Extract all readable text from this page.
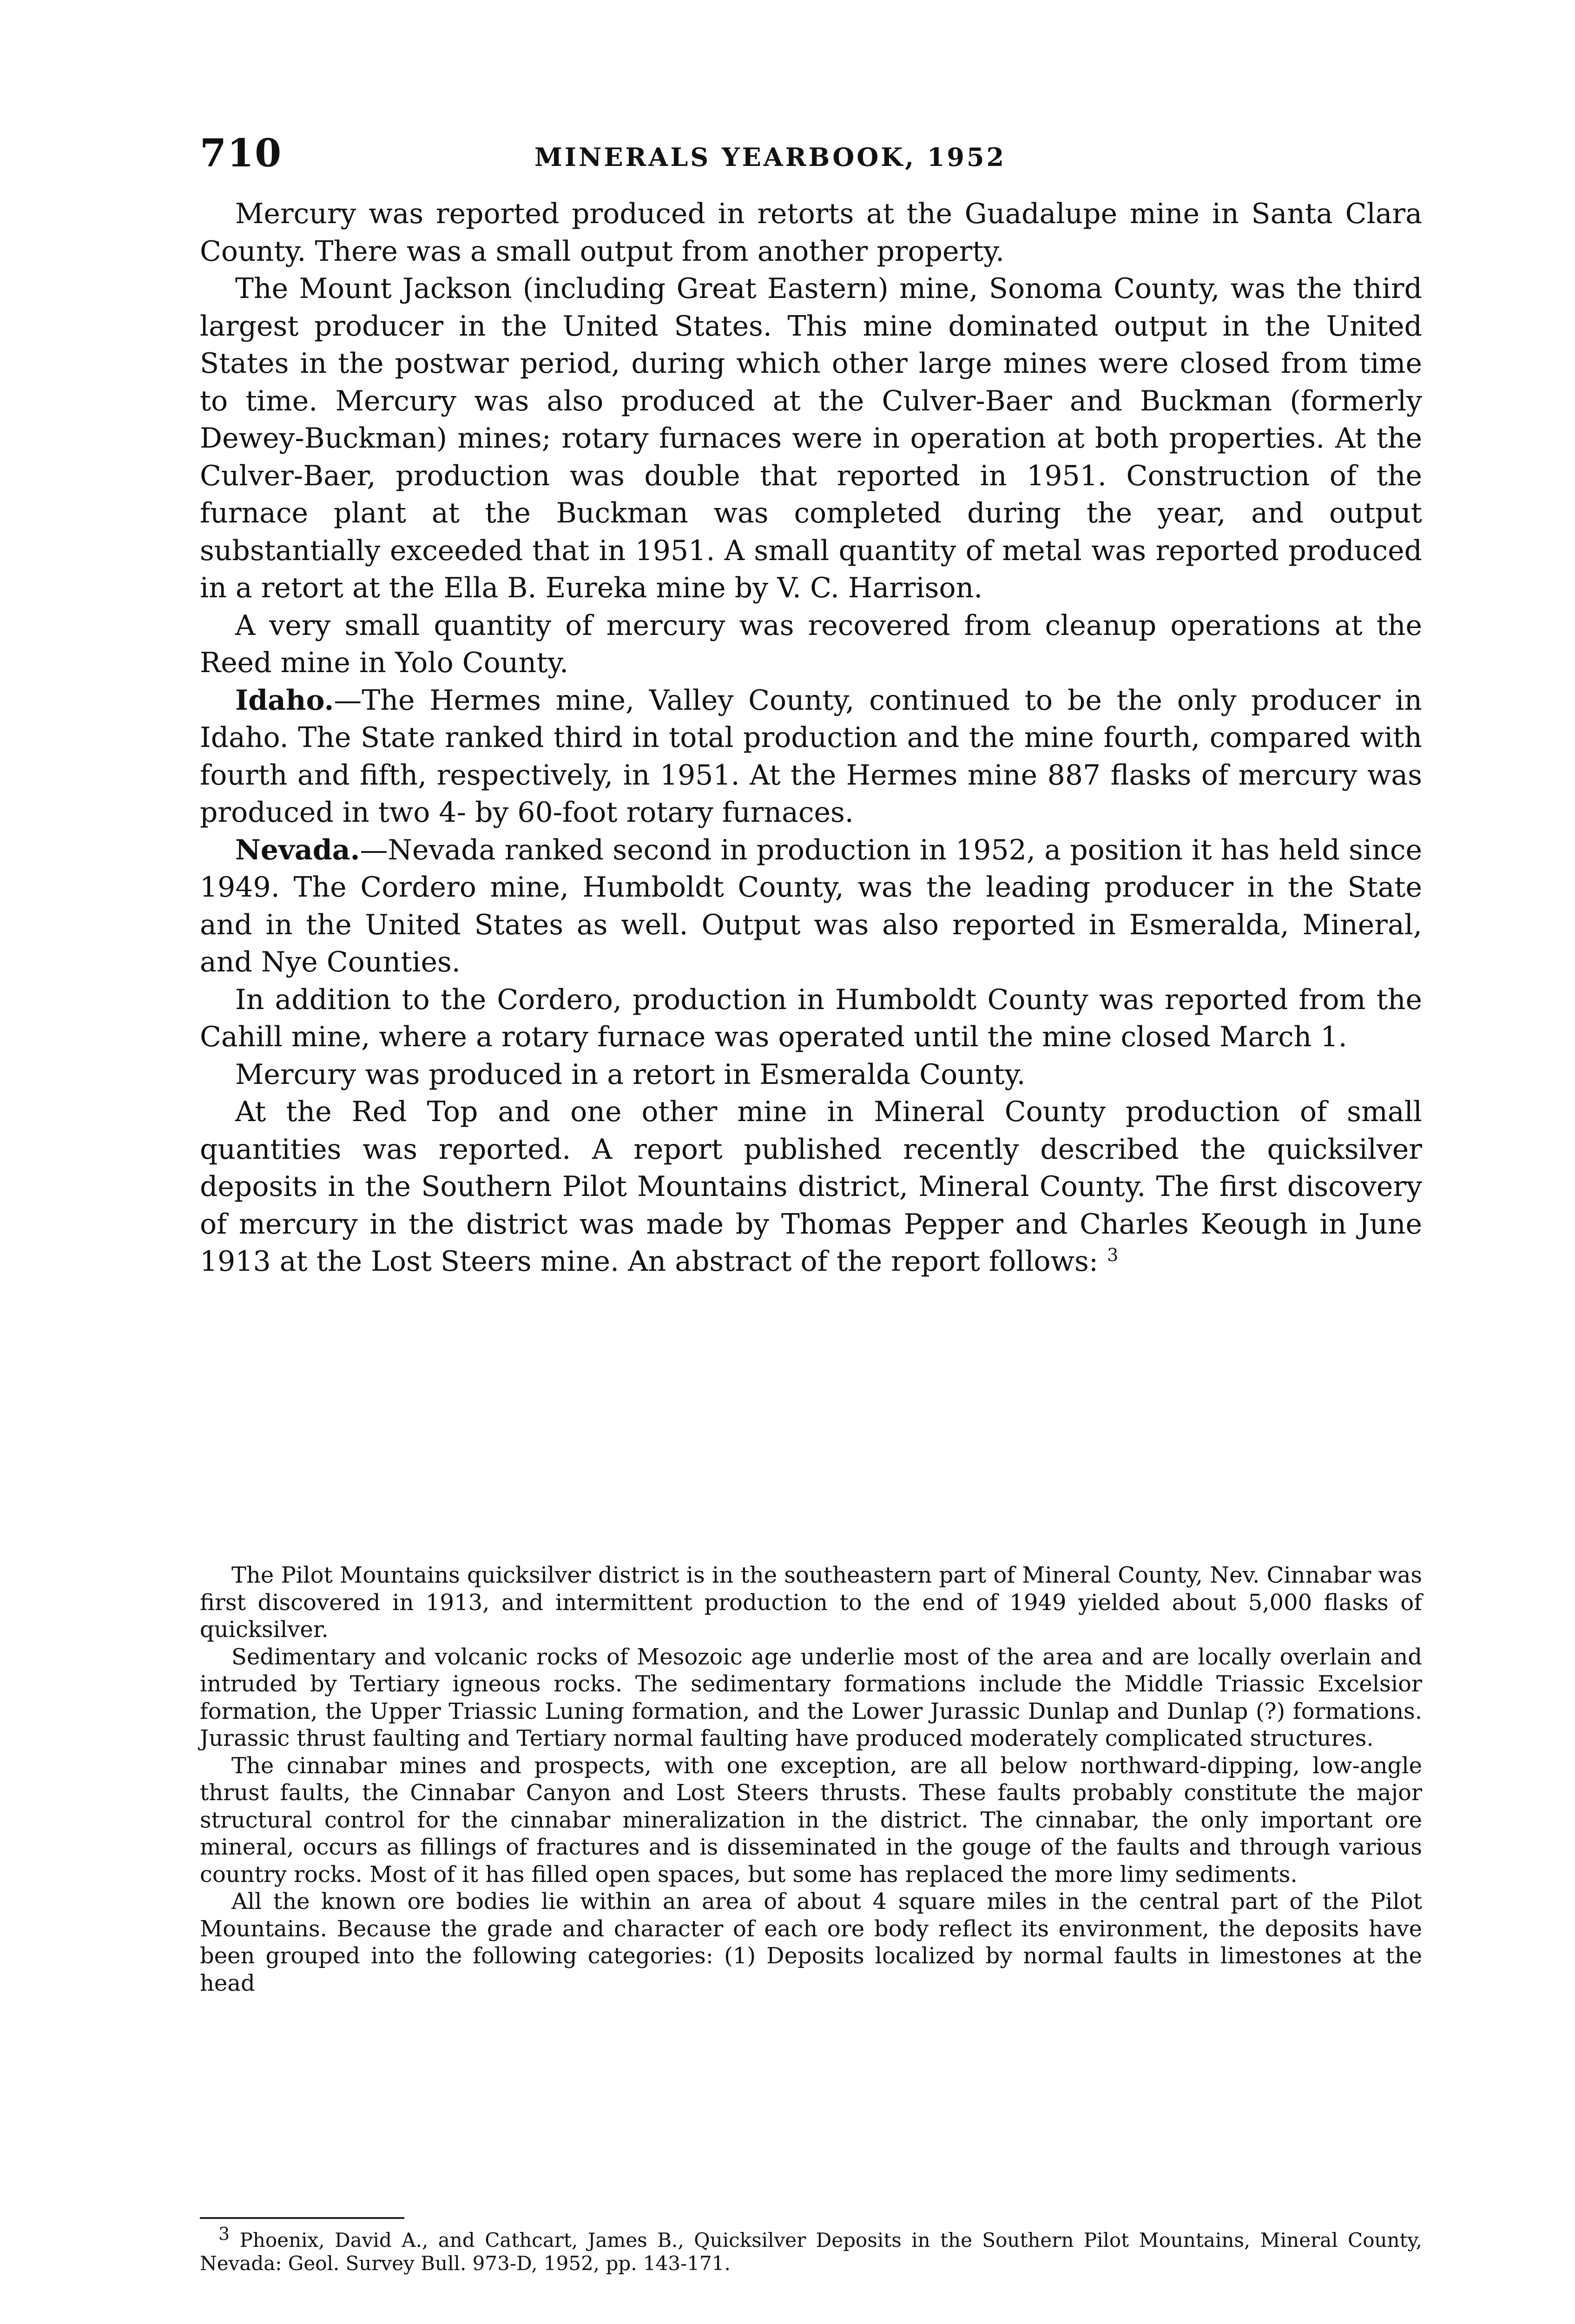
710	MINERALS YEARBOOK, 1952

Mercury was reported produced in retorts at the Guadalupe mine in Santa Clara County. There was a small output from another property.

The Mount Jackson (including Great Eastern) mine, Sonoma County, was the third largest producer in the United States. This mine dominated output in the United States in the postwar period, during which other large mines were closed from time to time. Mercury was also produced at the Culver-Baer and Buckman (formerly Dewey-Buckman) mines; rotary furnaces were in operation at both properties. At the Culver-Baer, production was double that reported in 1951. Construction of the furnace plant at the Buckman was completed during the year, and output substantially exceeded that in 1951. A small quantity of metal was reported produced in a retort at the Ella B. Eureka mine by V. C. Harrison.

A very small quantity of mercury was recovered from cleanup operations at the Reed mine in Yolo County.

Idaho.—The Hermes mine, Valley County, continued to be the only producer in Idaho. The State ranked third in total production and the mine fourth, compared with fourth and fifth, respectively, in 1951. At the Hermes mine 887 flasks of mercury was produced in two 4- by 60-foot rotary furnaces.

Nevada.—Nevada ranked second in production in 1952, a position it has held since 1949. The Cordero mine, Humboldt County, was the leading producer in the State and in the United States as well. Output was also reported in Esmeralda, Mineral, and Nye Counties.

In addition to the Cordero, production in Humboldt County was reported from the Cahill mine, where a rotary furnace was operated until the mine closed March 1.

Mercury was produced in a retort in Esmeralda County.

At the Red Top and one other mine in Mineral County production of small quantities was reported. A report published recently described the quicksilver deposits in the Southern Pilot Mountains district, Mineral County. The first discovery of mercury in the district was made by Thomas Pepper and Charles Keough in June 1913 at the Lost Steers mine. An abstract of the report follows: $^3$

The Pilot Mountains quicksilver district is in the southeastern part of Mineral County, Nev. Cinnabar was first discovered in 1913, and intermittent production to the end of 1949 yielded about 5,000 flasks of quicksilver.

Sedimentary and volcanic rocks of Mesozoic age underlie most of the area and are locally overlain and intruded by Tertiary igneous rocks. The sedimentary formations include the Middle Triassic Excelsior formation, the Upper Triassic Luning formation, and the Lower Jurassic Dunlap and Dunlap (?) formations. Jurassic thrust faulting and Tertiary normal faulting have produced moderately complicated structures.

The cinnabar mines and prospects, with one exception, are all below northward-dipping, low-angle thrust faults, the Cinnabar Canyon and Lost Steers thrusts. These faults probably constitute the major structural control for the cinnabar mineralization in the district. The cinnabar, the only important ore mineral, occurs as fillings of fractures and is disseminated in the gouge of the faults and through various country rocks. Most of it has filled open spaces, but some has replaced the more limy sediments.

All the known ore bodies lie within an area of about 4 square miles in the central part of the Pilot Mountains. Because the grade and character of each ore body reflect its environment, the deposits have been grouped into the following categories: (1) Deposits localized by normal faults in limestones at the head

$^3$ Phoenix, David A., and Cathcart, James B., Quicksilver Deposits in the Southern Pilot Mountains, Mineral County, Nevada: Geol. Survey Bull. 973-D, 1952, pp. 143-171.
